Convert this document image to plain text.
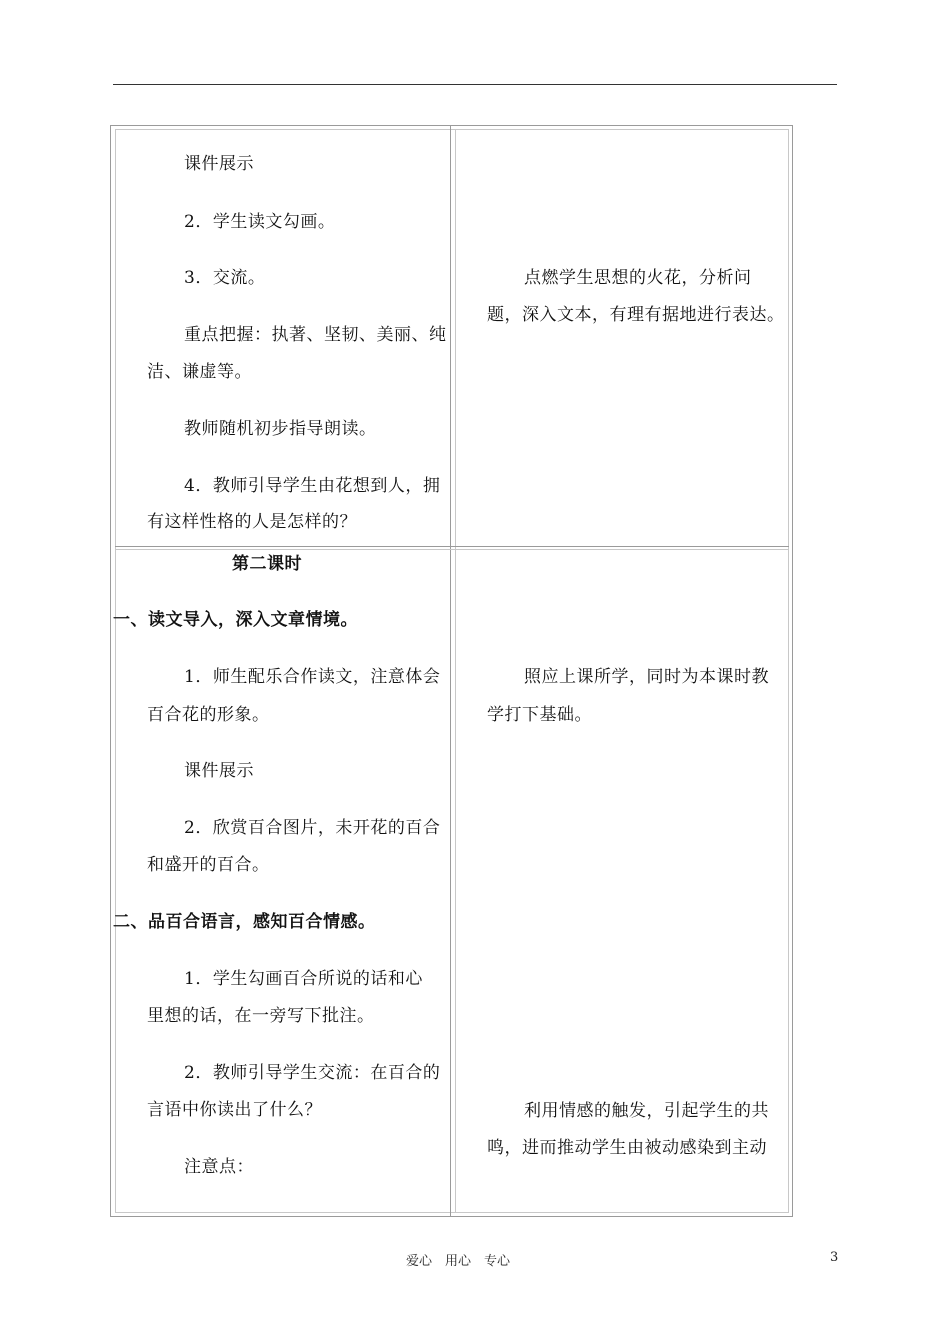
课件展示
2．学生读文勾画。
3．交流。
重点把握：执著、坚韧、美丽、纯
洁、谦虚等。
教师随机初步指导朗读。
4．教师引导学生由花想到人，拥
有这样性格的人是怎样的？
点燃学生思想的火花，分析问
题，深入文本，有理有据地进行表达。
第二课时
一、读文导入，深入文章情境。
1．师生配乐合作读文，注意体会
百合花的形象。
课件展示
2．欣赏百合图片，未开花的百合
和盛开的百合。
二、品百合语言，感知百合情感。
1．学生勾画百合所说的话和心
里想的话，在一旁写下批注。
2．教师引导学生交流：在百合的
言语中你读出了什么？
注意点：
照应上课所学，同时为本课时教
学打下基础。
利用情感的触发，引起学生的共
鸣，进而推动学生由被动感染到主动
爱心　用心　专心	3
